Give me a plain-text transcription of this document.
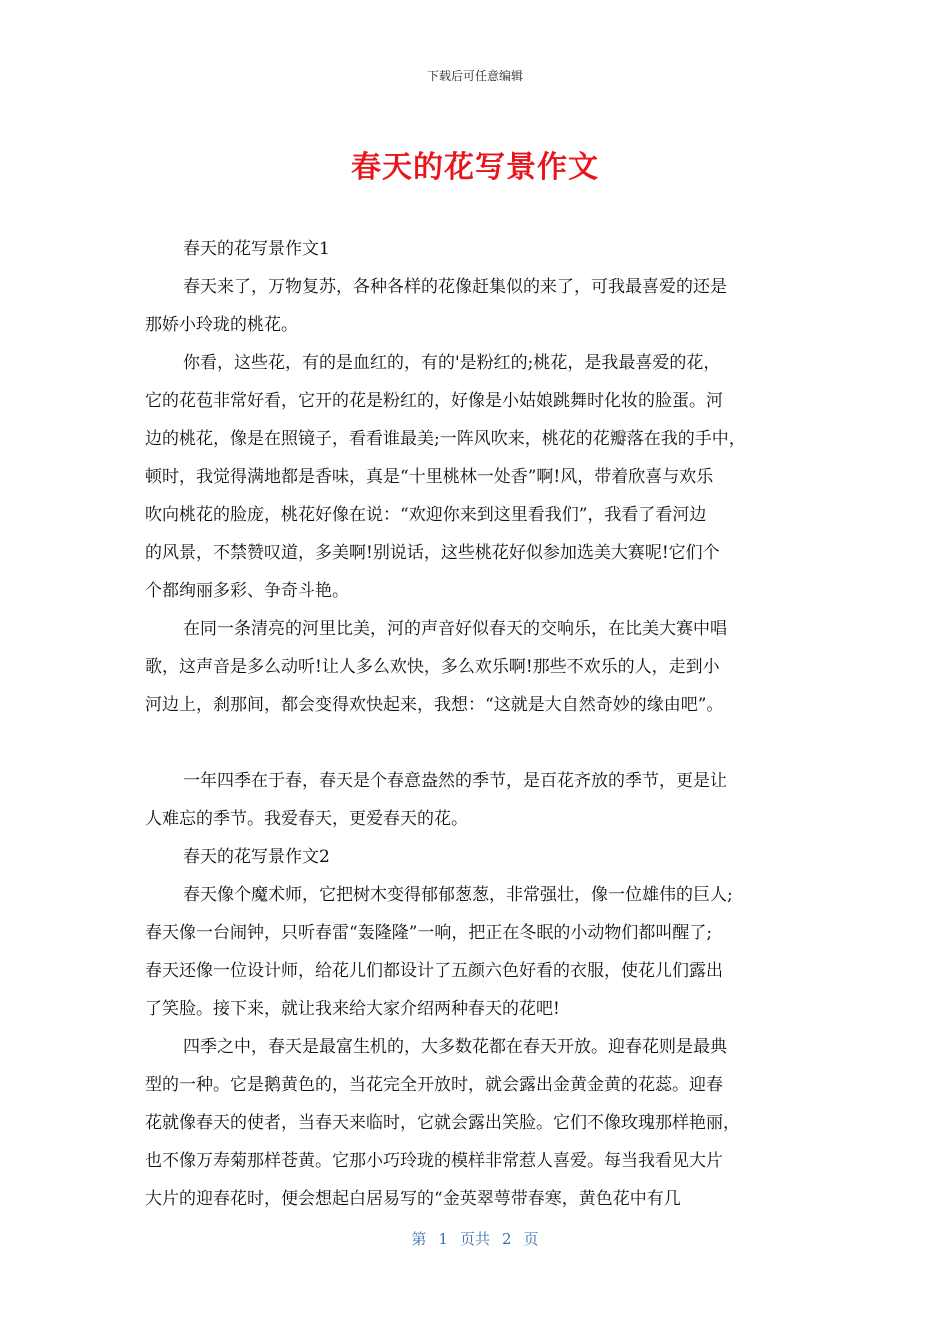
下载后可任意编辑
春天的花写景作文
春天的花写景作文1
春天来了，万物复苏，各种各样的花像赶集似的来了，可我最喜爱的还是
那娇小玲珑的桃花。
你看，这些花，有的是血红的，有的'是粉红的;桃花，是我最喜爱的花，
它的花苞非常好看，它开的花是粉红的，好像是小姑娘跳舞时化妆的脸蛋。河
边的桃花，像是在照镜子，看看谁最美;一阵风吹来，桃花的花瓣落在我的手中，
顿时，我觉得满地都是香味，真是“十里桃林一处香”啊!风，带着欣喜与欢乐
吹向桃花的脸庞，桃花好像在说：“欢迎你来到这里看我们”，我看了看河边
的风景，不禁赞叹道，多美啊!别说话，这些桃花好似参加选美大赛呢!它们个
个都绚丽多彩、争奇斗艳。
在同一条清亮的河里比美，河的声音好似春天的交响乐，在比美大赛中唱
歌，这声音是多么动听!让人多么欢快，多么欢乐啊!那些不欢乐的人，走到小
河边上，刹那间，都会变得欢快起来，我想：“这就是大自然奇妙的缘由吧”。
一年四季在于春，春天是个春意盎然的季节，是百花齐放的季节，更是让
人难忘的季节。我爱春天，更爱春天的花。
春天的花写景作文2
春天像个魔术师，它把树木变得郁郁葱葱，非常强壮，像一位雄伟的巨人;
春天像一台闹钟，只听春雷“轰隆隆”一响，把正在冬眠的小动物们都叫醒了;
春天还像一位设计师，给花儿们都设计了五颜六色好看的衣服，使花儿们露出
了笑脸。接下来，就让我来给大家介绍两种春天的花吧!
四季之中，春天是最富生机的，大多数花都在春天开放。迎春花则是最典
型的一种。它是鹅黄色的，当花完全开放时，就会露出金黄金黄的花蕊。迎春
花就像春天的使者，当春天来临时，它就会露出笑脸。它们不像玫瑰那样艳丽，
也不像万寿菊那样苍黄。它那小巧玲珑的模样非常惹人喜爱。每当我看见大片
大片的迎春花时，便会想起白居易写的“金英翠萼带春寒，黄色花中有几
第 1 页共 2 页
